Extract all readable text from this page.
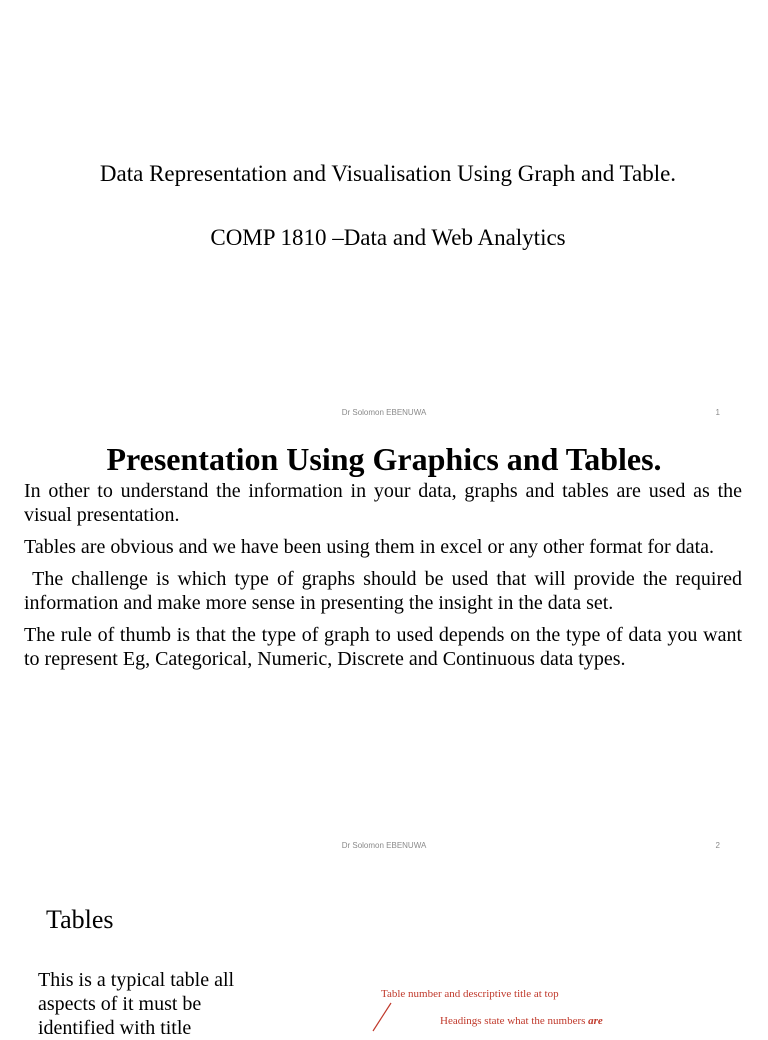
Data Representation and Visualisation Using Graph and Table.
COMP 1810 –Data and Web Analytics
Dr Solomon EBENUWA	1
Presentation Using Graphics and Tables.

In other to understand the information in your data, graphs and tables are used as the visual presentation.

Tables are obvious and we have been using them in excel or any other format for data.

The challenge is which type of graphs should be used that will provide the required information and make more sense in presenting the insight in the data set.

The rule of thumb is that the type of graph to used depends on the type of data you want to represent Eg, Categorical, Numeric, Discrete and Continuous data types.

Dr Solomon EBENUWA	2
Tables
This is a typical table all aspects of it must be identified with title
Table number and descriptive title at top
Headings state what the numbers are
